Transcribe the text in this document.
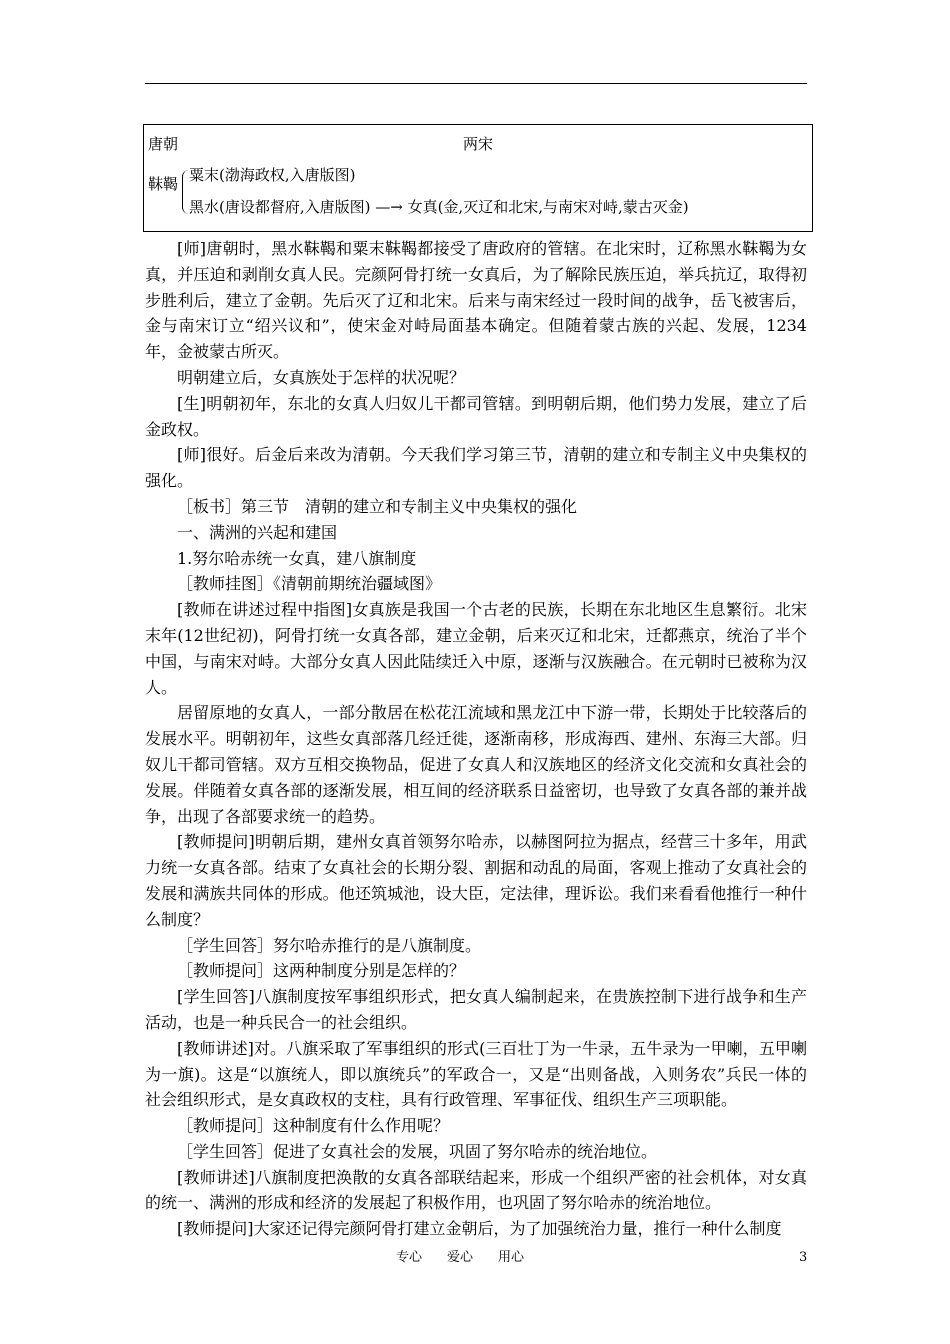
唐朝	两宋
靺鞨 粟末(渤海政权,入唐版图)
黑水(唐设都督府,入唐版图) —→ 女真(金,灭辽和北宋,与南宋对峙,蒙古灭金)

[师]唐朝时，黑水靺鞨和粟末靺鞨都接受了唐政府的管辖。在北宋时，辽称黑水靺鞨为女真，并压迫和剥削女真人民。完颜阿骨打统一女真后，为了解除民族压迫，举兵抗辽，取得初步胜利后，建立了金朝。先后灭了辽和北宋。后来与南宋经过一段时间的战争，岳飞被害后，金与南宋订立“绍兴议和”，使宋金对峙局面基本确定。但随着蒙古族的兴起、发展，1234年，金被蒙古所灭。

明朝建立后，女真族处于怎样的状况呢？

[生]明朝初年，东北的女真人归奴儿干都司管辖。到明朝后期，他们势力发展，建立了后金政权。

[师]很好。后金后来改为清朝。今天我们学习第三节，清朝的建立和专制主义中央集权的强化。

［板书］第三节　清朝的建立和专制主义中央集权的强化

一、满洲的兴起和建国

1.努尔哈赤统一女真，建八旗制度

［教师挂图］《清朝前期统治疆域图》

[教师在讲述过程中指图]女真族是我国一个古老的民族，长期在东北地区生息繁衍。北宋末年(12世纪初)，阿骨打统一女真各部，建立金朝，后来灭辽和北宋，迁都燕京，统治了半个中国，与南宋对峙。大部分女真人因此陆续迁入中原，逐渐与汉族融合。在元朝时已被称为汉人。

居留原地的女真人，一部分散居在松花江流域和黑龙江中下游一带，长期处于比较落后的发展水平。明朝初年，这些女真部落几经迁徙，逐渐南移，形成海西、建州、东海三大部。归奴儿干都司管辖。双方互相交换物品，促进了女真人和汉族地区的经济文化交流和女真社会的发展。伴随着女真各部的逐渐发展，相互间的经济联系日益密切，也导致了女真各部的兼并战争，出现了各部要求统一的趋势。

[教师提问]明朝后期，建州女真首领努尔哈赤，以赫图阿拉为据点，经营三十多年，用武力统一女真各部。结束了女真社会的长期分裂、割据和动乱的局面，客观上推动了女真社会的发展和满族共同体的形成。他还筑城池，设大臣，定法律，理诉讼。我们来看看他推行一种什么制度？

［学生回答］努尔哈赤推行的是八旗制度。

［教师提问］这两种制度分别是怎样的？

[学生回答]八旗制度按军事组织形式，把女真人编制起来，在贵族控制下进行战争和生产活动，也是一种兵民合一的社会组织。

[教师讲述]对。八旗采取了军事组织的形式(三百壮丁为一牛录，五牛录为一甲喇，五甲喇为一旗)。这是“以旗统人，即以旗统兵”的军政合一，又是“出则备战，入则务农”兵民一体的社会组织形式，是女真政权的支柱，具有行政管理、军事征伐、组织生产三项职能。

［教师提问］这种制度有什么作用呢？

［学生回答］促进了女真社会的发展，巩固了努尔哈赤的统治地位。

[教师讲述]八旗制度把涣散的女真各部联结起来，形成一个组织严密的社会机体，对女真的统一、满洲的形成和经济的发展起了积极作用，也巩固了努尔哈赤的统治地位。

[教师提问]大家还记得完颜阿骨打建立金朝后，为了加强统治力量，推行一种什么制度

专心 爱心 用心	3
